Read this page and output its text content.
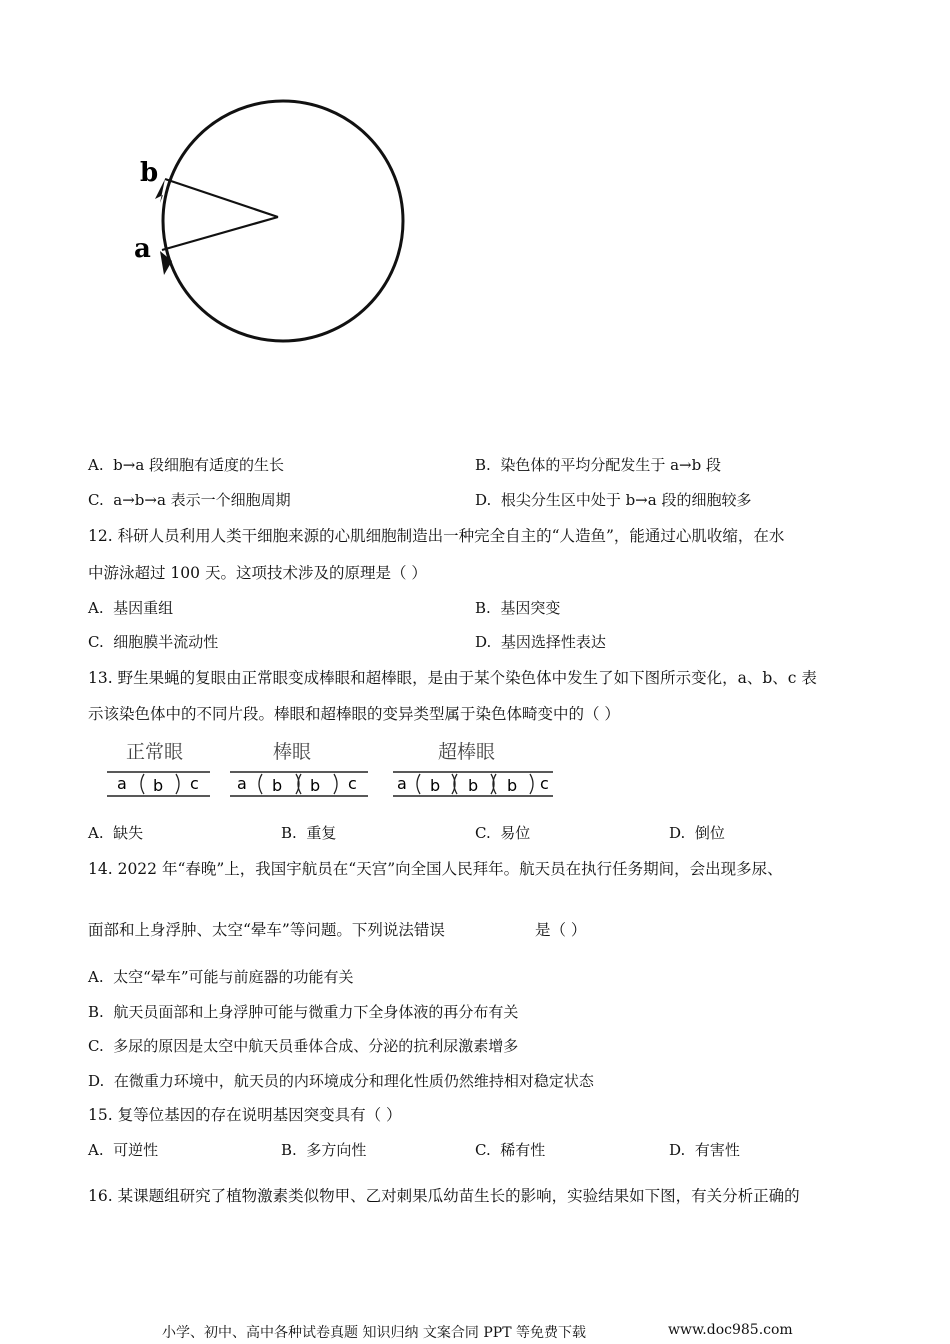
b
a
A. b→a 段细胞有适度的生长	B. 染色体的平均分配发生于 a→b 段
C. a→b→a 表示一个细胞周期	D. 根尖分生区中处于 b→a 段的细胞较多
12. 科研人员利用人类干细胞来源的心肌细胞制造出一种完全自主的“人造鱼”，能通过心肌收缩，在水
中游泳超过 100 天。这项技术涉及的原理是（ ）
A. 基因重组	B. 基因突变
C. 细胞膜半流动性	D. 基因选择性表达
13. 野生果蝇的复眼由正常眼变成棒眼和超棒眼，是由于某个染色体中发生了如下图所示变化，a、b、c 表
示该染色体中的不同片段。棒眼和超棒眼的变异类型属于染色体畸变中的（ ）
正常眼
a b c
棒眼
a b b c
超棒眼
a b b b c
A. 缺失	B. 重复	C. 易位	D. 倒位
14. 2022 年“春晚”上，我国宇航员在“天宫”向全国人民拜年。航天员在执行任务期间，会出现多尿、
面部和上身浮肿、太空“晕车”等问题。下列说法错误	是（ ）
A. 太空“晕车”可能与前庭器的功能有关
B. 航天员面部和上身浮肿可能与微重力下全身体液的再分布有关
C. 多尿的原因是太空中航天员垂体合成、分泌的抗利尿激素增多
D. 在微重力环境中，航天员的内环境成分和理化性质仍然维持相对稳定状态
15. 复等位基因的存在说明基因突变具有（ ）
A. 可逆性	B. 多方向性	C. 稀有性	D. 有害性
16. 某课题组研究了植物激素类似物甲、乙对刺果瓜幼苗生长的影响，实验结果如下图，有关分析正确的
小学、初中、高中各种试卷真题 知识归纳 文案合同 PPT 等免费下载	www.doc985.com
